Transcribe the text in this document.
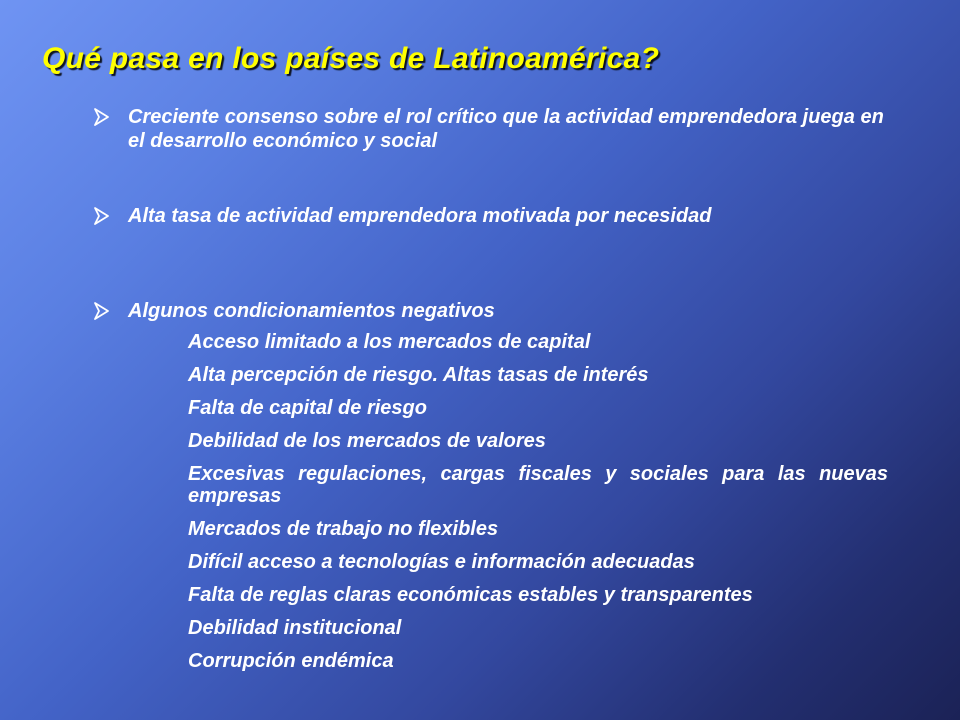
Qué pasa en los países de Latinoamérica?
Creciente consenso sobre el rol crítico que la actividad emprendedora juega en el desarrollo económico y social
Alta tasa de actividad emprendedora motivada por necesidad
Algunos condicionamientos negativos
Acceso limitado a los mercados de capital
Alta percepción de riesgo. Altas tasas de interés
Falta de capital de riesgo
Debilidad de los mercados de valores
Excesivas regulaciones, cargas fiscales y sociales para las nuevas empresas
Mercados de trabajo no flexibles
Difícil acceso a tecnologías e información adecuadas
Falta de reglas claras económicas estables y transparentes
Debilidad institucional
Corrupción endémica
